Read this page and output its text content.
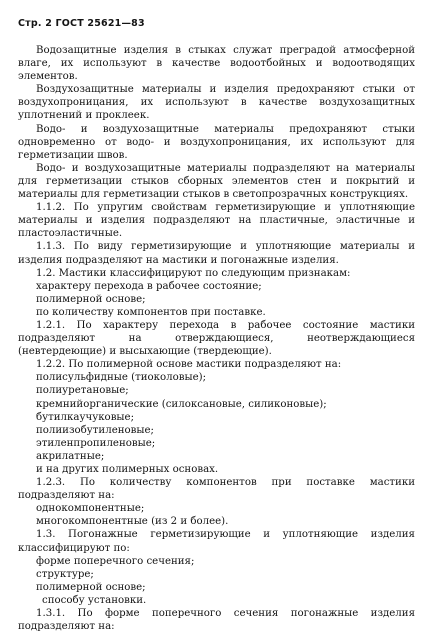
Стр. 2 ГОСТ 25621—83

Водозащитные изделия в стыках служат преградой атмосферной влаге, их используют в качестве водоотбойных и водоотводящих элементов.

Воздухозащитные материалы и изделия предохраняют стыки от воздухопроницания, их используют в качестве воздухозащитных уплотнений и проклеек.

Водо- и воздухозащитные материалы предохраняют стыки одновременно от водо- и воздухопроницания, их используют для герметизации швов.

Водо- и воздухозащитные материалы подразделяют на материалы для герметизации стыков сборных элементов стен и покрытий и материалы для герметизации стыков в светопрозрачных конструкциях.

1.1.2. По упругим свойствам герметизирующие и уплотняющие материалы и изделия подразделяют на пластичные, эластичные и пластоэластичные.

1.1.3. По виду герметизирующие и уплотняющие материалы и изделия подразделяют на мастики и погонажные изделия.

1.2. Мастики классифицируют по следующим признакам:

характеру перехода в рабочее состояние;

полимерной основе;

по количеству компонентов при поставке.

1.2.1. По характеру перехода в рабочее состояние мастики подразделяют на отверждающиеся, неотверждающиеся (невтердеющие) и высыхающие (твердеющие).

1.2.2. По полимерной основе мастики подразделяют на:

полисульфидные (тиоколовые);

полиуретановые;

кремнийорганические (силоксановые, силиконовые);

бутилкаучуковые;

полиизобутиленовые;

этиленпропиленовые;

акрилатные;

и на других полимерных основах.

1.2.3. По количеству компонентов при поставке мастики подразделяют на:

однокомпонентные;

многокомпонентные (из 2 и более).

1.3. Погонажные герметизирующие и уплотняющие изделия классифицируют по:

форме поперечного сечения;

структуре;

полимерной основе;

способу установки.

1.3.1. По форме поперечного сечения погонажные изделия подразделяют на:
